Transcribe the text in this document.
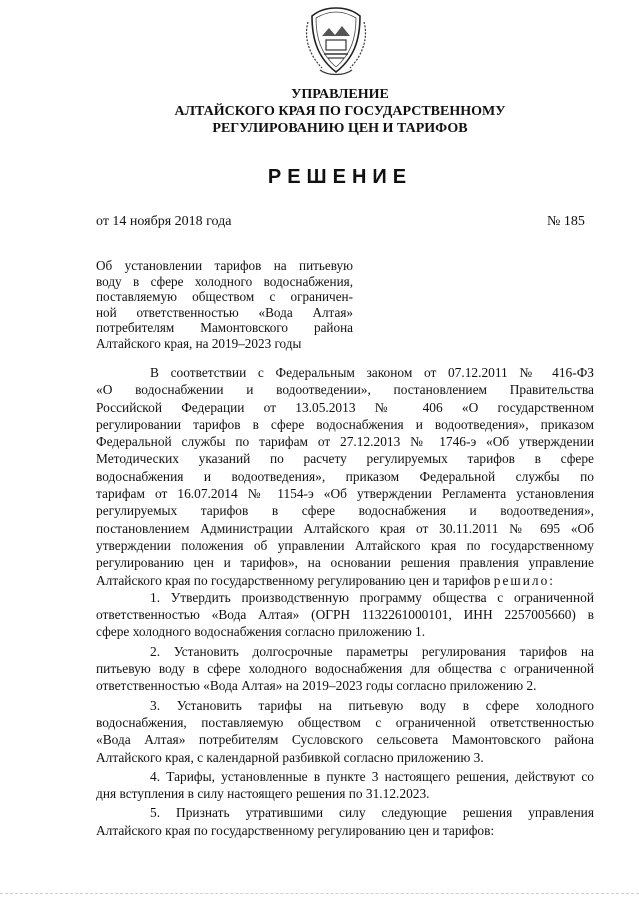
УПРАВЛЕНИЕ
АЛТАЙСКОГО КРАЯ ПО ГОСУДАРСТВЕННОМУ
РЕГУЛИРОВАНИЮ ЦЕН И ТАРИФОВ
РЕШЕНИЕ
от 14 ноября 2018 года	№ 185
Об установлении тарифов на питьевую
воду в сфере холодного водоснабжения,
поставляемую обществом с ограничен-
ной ответственностью «Вода Алтая»
потребителям Мамонтовского района
Алтайского края, на 2019–2023 годы
В соответствии с Федеральным законом от 07.12.2011 № 416-ФЗ
«О водоснабжении и водоотведении», постановлением Правительства
Российской Федерации от 13.05.2013 № 406 «О государственном
регулировании тарифов в сфере водоснабжения и водоотведения», приказом
Федеральной службы по тарифам от 27.12.2013 № 1746-э «Об утверждении
Методических указаний по расчету регулируемых тарифов в сфере
водоснабжения и водоотведения», приказом Федеральной службы по
тарифам от 16.07.2014 № 1154-э «Об утверждении Регламента установления
регулируемых тарифов в сфере водоснабжения и водоотведения»,
постановлением Администрации Алтайского края от 30.11.2011 № 695 «Об
утверждении положения об управлении Алтайского края по государственному
регулированию цен и тарифов», на основании решения правления управление
Алтайского края по государственному регулированию цен и тарифов решило:
1. Утвердить производственную программу общества с ограниченной
ответственностью «Вода Алтая» (ОГРН 1132261000101, ИНН 2257005660) в
сфере холодного водоснабжения согласно приложению 1.
2. Установить долгосрочные параметры регулирования тарифов на
питьевую воду в сфере холодного водоснабжения для общества с ограниченной
ответственностью «Вода Алтая» на 2019–2023 годы согласно приложению 2.
3. Установить тарифы на питьевую воду в сфере холодного
водоснабжения, поставляемую обществом с ограниченной ответственностью
«Вода Алтая» потребителям Сусловского сельсовета Мамонтовского района
Алтайского края, с календарной разбивкой согласно приложению 3.
4. Тарифы, установленные в пункте 3 настоящего решения, действуют со
дня вступления в силу настоящего решения по 31.12.2023.
5. Признать утратившими силу следующие решения управления
Алтайского края по государственному регулированию цен и тарифов:
